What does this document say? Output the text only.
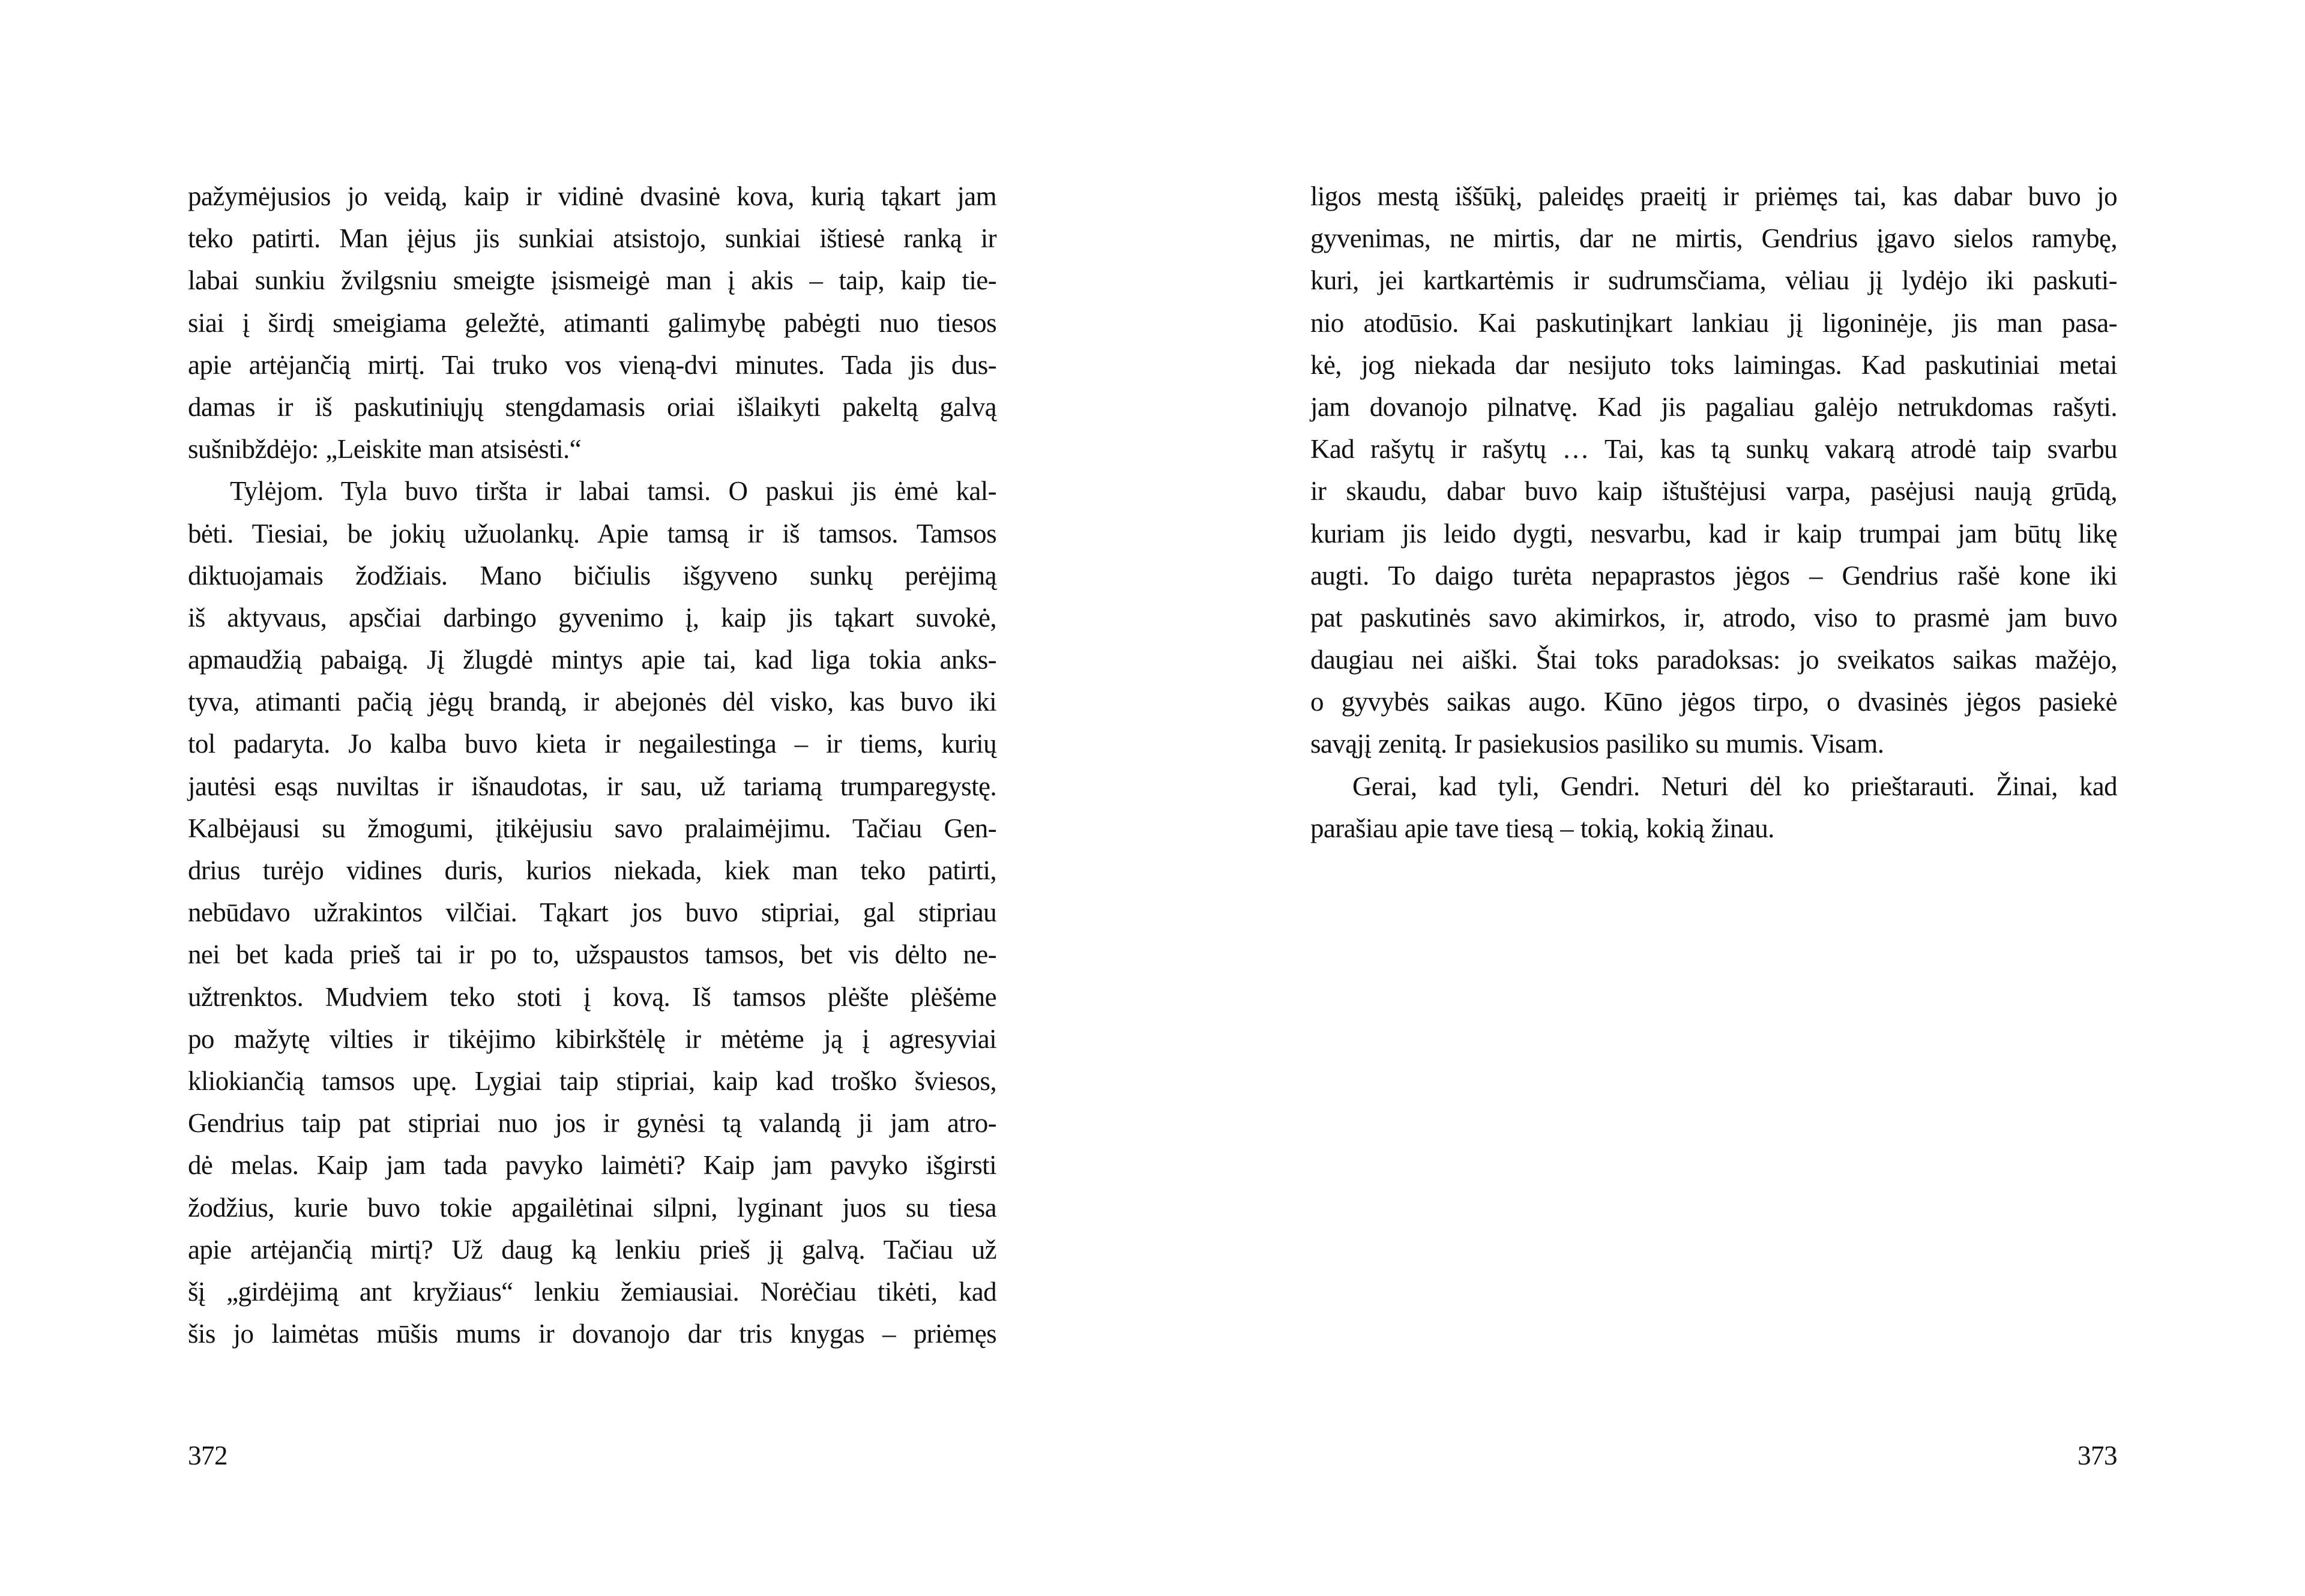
pažymėjusios jo veidą, kaip ir vidinė dvasinė kova, kurią tąkart jam
teko patirti. Man įėjus jis sunkiai atsistojo, sunkiai ištiesė ranką ir
labai sunkiu žvilgsniu smeigte įsismeigė man į akis – taip, kaip tie-
siai į širdį smeigiama geležtė, atimanti galimybę pabėgti nuo tiesos
apie artėjančią mirtį. Tai truko vos vieną-dvi minutes. Tada jis dus-
damas ir iš paskutiniųjų stengdamasis oriai išlaikyti pakeltą galvą
sušnibždėjo: „Leiskite man atsisėsti.“
Tylėjom. Tyla buvo tiršta ir labai tamsi. O paskui jis ėmė kal-
bėti. Tiesiai, be jokių užuolankų. Apie tamsą ir iš tamsos. Tamsos
diktuojamais žodžiais. Mano bičiulis išgyveno sunkų perėjimą
iš aktyvaus, apsčiai darbingo gyvenimo į, kaip jis tąkart suvokė,
apmaudžią pabaigą. Jį žlugdė mintys apie tai, kad liga tokia anks-
tyva, atimanti pačią jėgų brandą, ir abejonės dėl visko, kas buvo iki
tol padaryta. Jo kalba buvo kieta ir negailestinga – ir tiems, kurių
jautėsi esąs nuviltas ir išnaudotas, ir sau, už tariamą trumparegystę.
Kalbėjausi su žmogumi, įtikėjusiu savo pralaimėjimu. Tačiau Gen-
drius turėjo vidines duris, kurios niekada, kiek man teko patirti,
nebūdavo užrakintos vilčiai. Tąkart jos buvo stipriai, gal stipriau
nei bet kada prieš tai ir po to, užspaustos tamsos, bet vis dėlto ne-
užtrenktos. Mudviem teko stoti į kovą. Iš tamsos plėšte plėšėme
po mažytę vilties ir tikėjimo kibirkštėlę ir mėtėme ją į agresyviai
kliokiančią tamsos upę. Lygiai taip stipriai, kaip kad troško šviesos,
Gendrius taip pat stipriai nuo jos ir gynėsi tą valandą ji jam atro-
dė melas. Kaip jam tada pavyko laimėti? Kaip jam pavyko išgirsti
žodžius, kurie buvo tokie apgailėtinai silpni, lyginant juos su tiesa
apie artėjančią mirtį? Už daug ką lenkiu prieš jį galvą. Tačiau už
šį „girdėjimą ant kryžiaus“ lenkiu žemiausiai. Norėčiau tikėti, kad
šis jo laimėtas mūšis mums ir dovanojo dar tris knygas – priėmęs
372
ligos mestą iššūkį, paleidęs praeitį ir priėmęs tai, kas dabar buvo jo
gyvenimas, ne mirtis, dar ne mirtis, Gendrius įgavo sielos ramybę,
kuri, jei kartkartėmis ir sudrumsčiama, vėliau jį lydėjo iki paskuti-
nio atodūsio. Kai paskutinįkart lankiau jį ligoninėje, jis man pasa-
kė, jog niekada dar nesijuto toks laimingas. Kad paskutiniai metai
jam dovanojo pilnatvę. Kad jis pagaliau galėjo netrukdomas rašyti.
Kad rašytų ir rašytų … Tai, kas tą sunkų vakarą atrodė taip svarbu
ir skaudu, dabar buvo kaip ištuštėjusi varpa, pasėjusi naują grūdą,
kuriam jis leido dygti, nesvarbu, kad ir kaip trumpai jam būtų likę
augti. To daigo turėta nepaprastos jėgos – Gendrius rašė kone iki
pat paskutinės savo akimirkos, ir, atrodo, viso to prasmė jam buvo
daugiau nei aiški. Štai toks paradoksas: jo sveikatos saikas mažėjo,
o gyvybės saikas augo. Kūno jėgos tirpo, o dvasinės jėgos pasiekė
savąjį zenitą. Ir pasiekusios pasiliko su mumis. Visam.
Gerai, kad tyli, Gendri. Neturi dėl ko prieštarauti. Žinai, kad
parašiau apie tave tiesą – tokią, kokią žinau.
373
